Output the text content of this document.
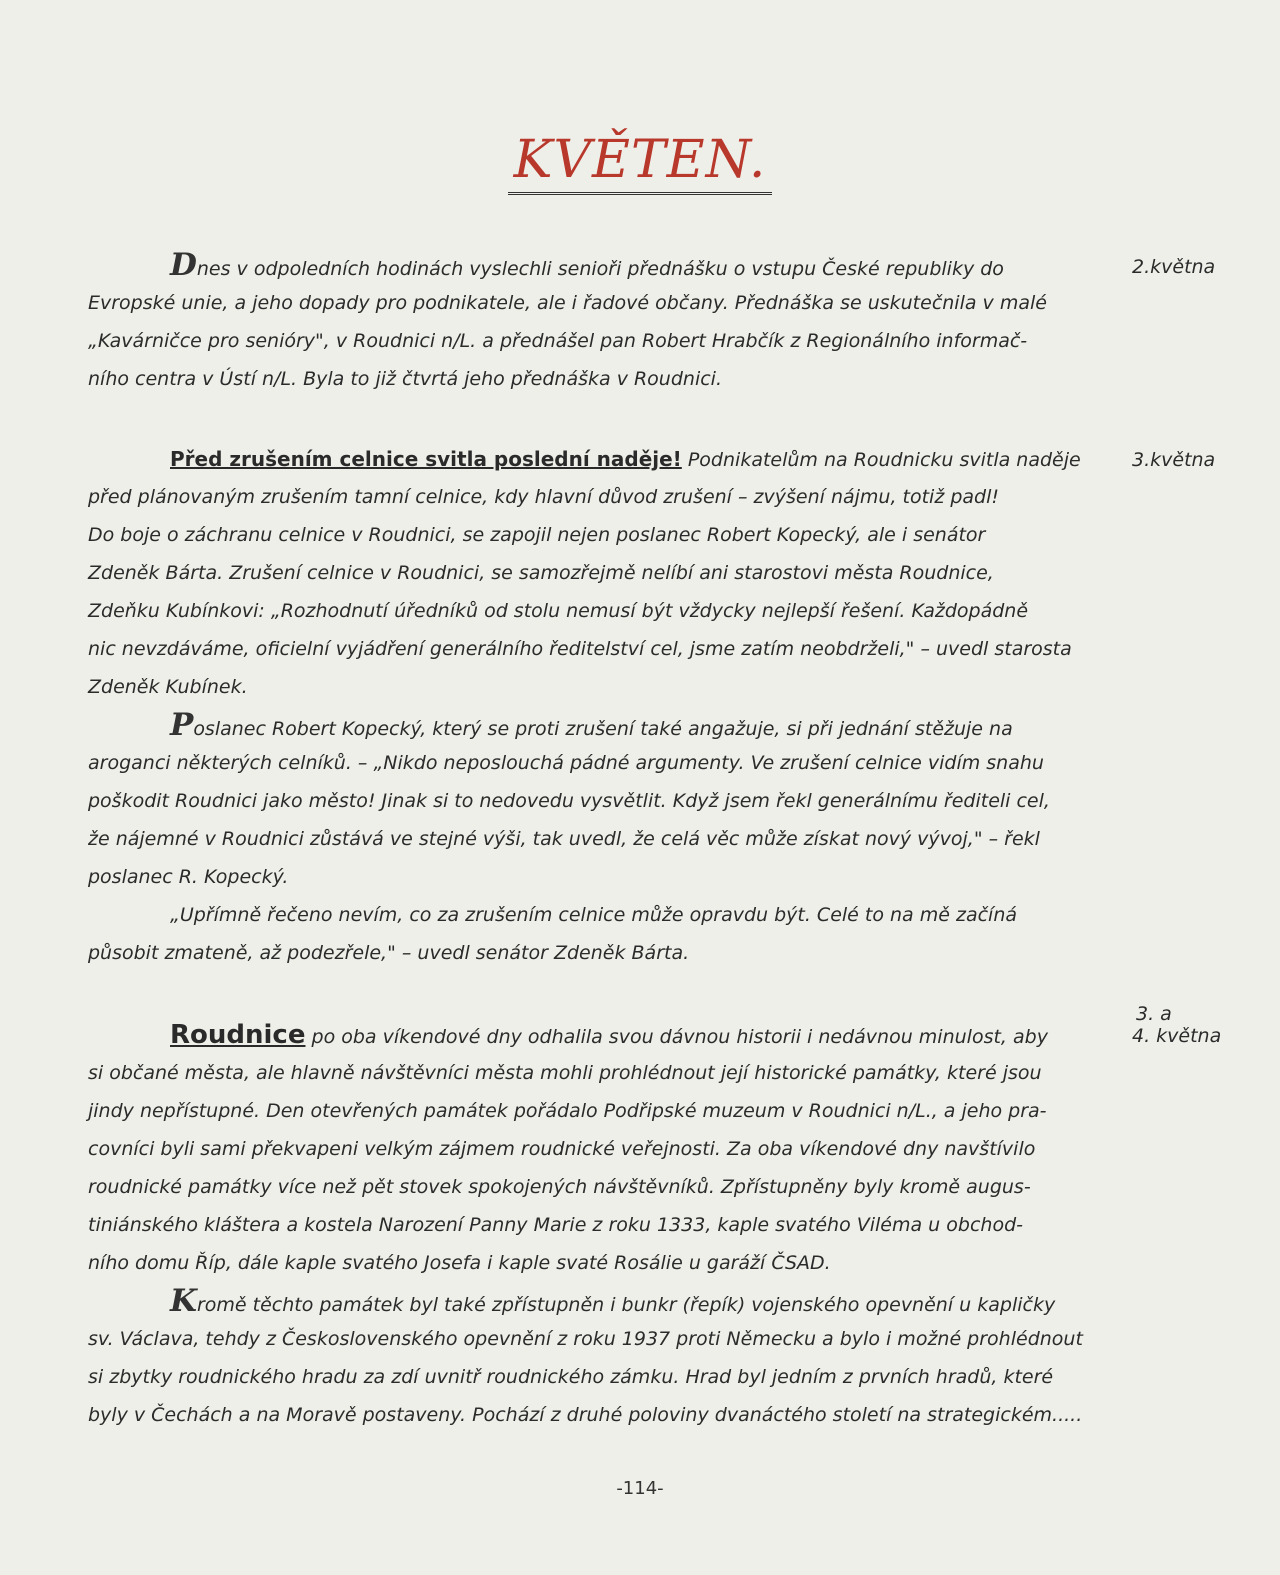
KVĚTEN.
2.května
Dnes v odpoledních hodinách vyslechli senioři přednášku o vstupu České republiky do
Evropské unie, a jeho dopady pro podnikatele, ale i řadové občany. Přednáška se uskutečnila v malé
„Kavárničce pro senióry", v Roudnici n/L. a přednášel pan Robert Hrabčík z Regionálního informač-
ního centra v Ústí n/L. Byla to již čtvrtá jeho přednáška v Roudnici.
3.května
Před zrušením celnice svitla poslední naděje! Podnikatelům na Roudnicku svitla naděje
před plánovaným zrušením tamní celnice, kdy hlavní důvod zrušení – zvýšení nájmu, totiž padl!
Do boje o záchranu celnice v Roudnici, se zapojil nejen poslanec Robert Kopecký, ale i senátor
Zdeněk Bárta. Zrušení celnice v Roudnici, se samozřejmě nelíbí ani starostovi města Roudnice,
Zdeňku Kubínkovi: „Rozhodnutí úředníků od stolu nemusí být vždycky nejlepší řešení. Každopádně
nic nevzdáváme, oficielní vyjádření generálního ředitelství cel, jsme zatím neobdrželi," – uvedl starosta
Zdeněk Kubínek.
Poslanec Robert Kopecký, který se proti zrušení také angažuje, si při jednání stěžuje na
aroganci některých celníků. – „Nikdo neposlouchá pádné argumenty. Ve zrušení celnice vidím snahu
poškodit Roudnici jako město! Jinak si to nedovedu vysvětlit. Když jsem řekl generálnímu řediteli cel,
že nájemné v Roudnici zůstává ve stejné výši, tak uvedl, že celá věc může získat nový vývoj," – řekl
poslanec R. Kopecký.
„Upřímně řečeno nevím, co za zrušením celnice může opravdu být. Celé to na mě začíná
působit zmateně, až podezřele," – uvedl senátor Zdeněk Bárta.
3. a
4. května
Roudnice po oba víkendové dny odhalila svou dávnou historii i nedávnou minulost, aby
si občané města, ale hlavně návštěvníci města mohli prohlédnout její historické památky, které jsou
jindy nepřístupné. Den otevřených památek pořádalo Podřipské muzeum v Roudnici n/L., a jeho pra-
covníci byli sami překvapeni velkým zájmem roudnické veřejnosti. Za oba víkendové dny navštívilo
roudnické památky více než pět stovek spokojených návštěvníků. Zpřístupněny byly kromě augus-
tiniánského kláštera a kostela Narození Panny Marie z roku 1333, kaple svatého Viléma u obchod-
ního domu Říp, dále kaple svatého Josefa i kaple svaté Rosálie u garáží ČSAD.
Kromě těchto památek byl také zpřístupněn i bunkr (řepík) vojenského opevnění u kapličky
sv. Václava, tehdy z Československého opevnění z roku 1937 proti Německu a bylo i možné prohlédnout
si zbytky roudnického hradu za zdí uvnitř roudnického zámku. Hrad byl jedním z prvních hradů, které
byly v Čechách a na Moravě postaveny. Pochází z druhé poloviny dvanáctého století na strategickém.....
-114-
